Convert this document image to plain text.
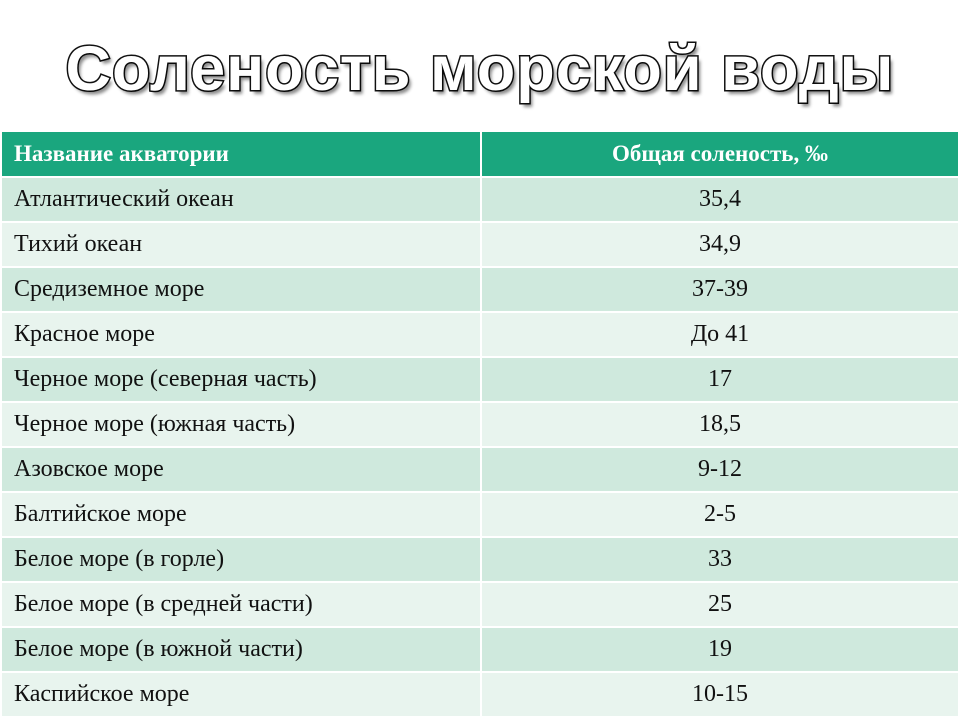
Соленость морской воды
Название акватории	Общая соленость, ‰
Атлантический океан	35,4
Тихий океан	34,9
Средиземное море	37-39
Красное море	До 41
Черное море (северная часть)	17
Черное море (южная часть)	18,5
Азовское море	9-12
Балтийское море	2-5
Белое море (в горле)	33
Белое море (в средней части)	25
Белое море (в южной части)	19
Каспийское море	10-15
